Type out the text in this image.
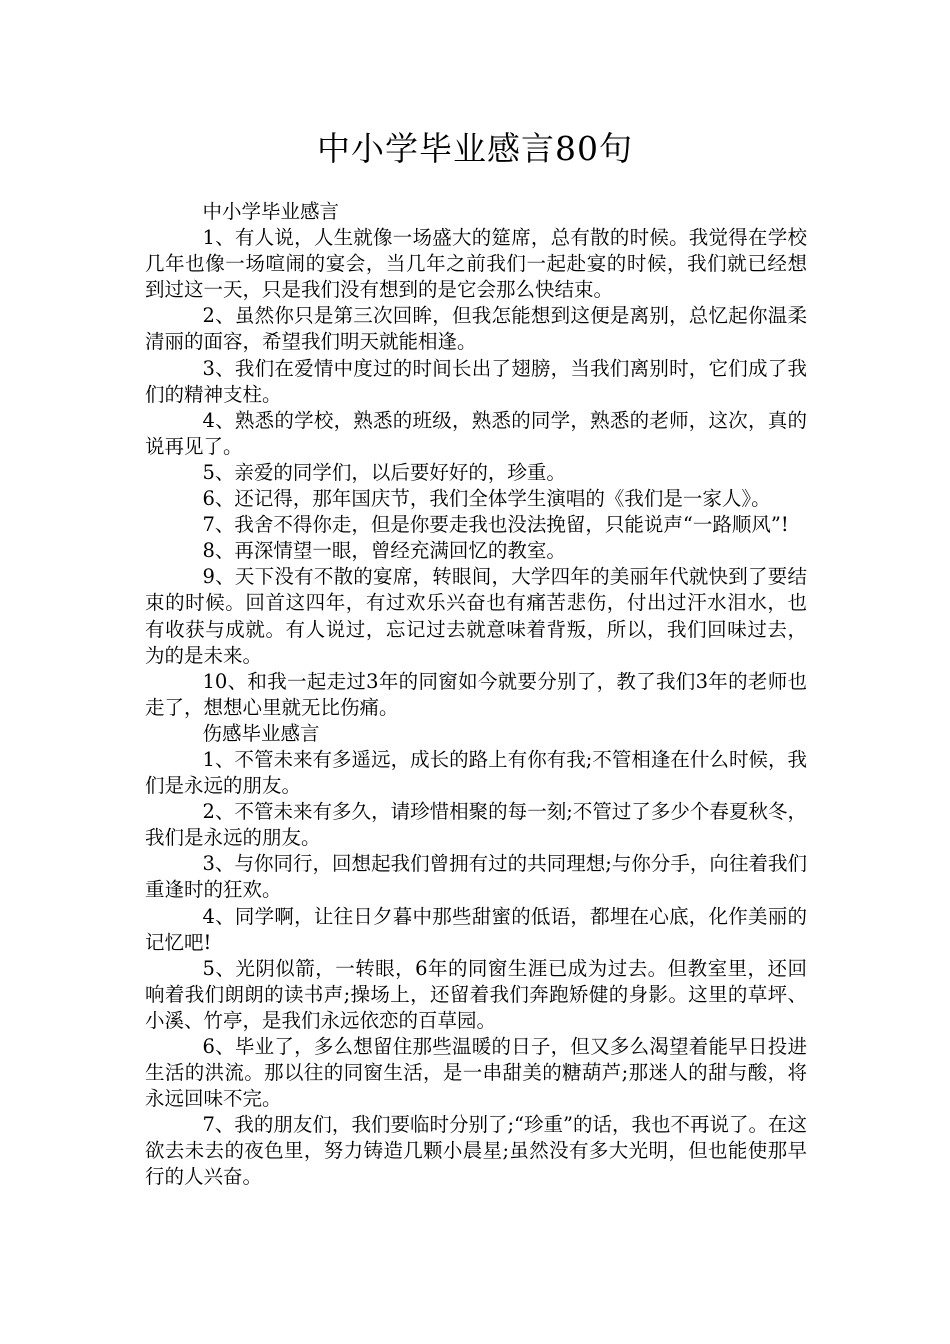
中小学毕业感言80句

中小学毕业感言

1、有人说，人生就像一场盛大的筵席，总有散的时候。我觉得在学校几年也像一场喧闹的宴会，当几年之前我们一起赴宴的时候，我们就已经想到过这一天，只是我们没有想到的是它会那么快结束。

2、虽然你只是第三次回眸，但我怎能想到这便是离别，总忆起你温柔清丽的面容，希望我们明天就能相逢。

3、我们在爱情中度过的时间长出了翅膀，当我们离别时，它们成了我们的精神支柱。

4、熟悉的学校，熟悉的班级，熟悉的同学，熟悉的老师，这次，真的说再见了。

5、亲爱的同学们，以后要好好的，珍重。

6、还记得，那年国庆节，我们全体学生演唱的《我们是一家人》。

7、我舍不得你走，但是你要走我也没法挽留，只能说声“一路顺风”!

8、再深情望一眼，曾经充满回忆的教室。

9、天下没有不散的宴席，转眼间，大学四年的美丽年代就快到了要结束的时候。回首这四年，有过欢乐兴奋也有痛苦悲伤，付出过汗水泪水，也有收获与成就。有人说过，忘记过去就意味着背叛，所以，我们回味过去，为的是未来。

10、和我一起走过3年的同窗如今就要分别了，教了我们3年的老师也走了，想想心里就无比伤痛。

伤感毕业感言

1、不管未来有多遥远，成长的路上有你有我;不管相逢在什么时候，我们是永远的朋友。

2、不管未来有多久，请珍惜相聚的每一刻;不管过了多少个春夏秋冬，我们是永远的朋友。

3、与你同行，回想起我们曾拥有过的共同理想;与你分手，向往着我们重逢时的狂欢。

4、同学啊，让往日夕暮中那些甜蜜的低语，都埋在心底，化作美丽的记忆吧!

5、光阴似箭，一转眼，6年的同窗生涯已成为过去。但教室里，还回响着我们朗朗的读书声;操场上，还留着我们奔跑矫健的身影。这里的草坪、小溪、竹亭，是我们永远依恋的百草园。

6、毕业了，多么想留住那些温暖的日子，但又多么渴望着能早日投进生活的洪流。那以往的同窗生活，是一串甜美的糖葫芦;那迷人的甜与酸，将永远回味不完。

7、我的朋友们，我们要临时分别了;“珍重”的话，我也不再说了。在这欲去未去的夜色里，努力铸造几颗小晨星;虽然没有多大光明，但也能使那早行的人兴奋。
